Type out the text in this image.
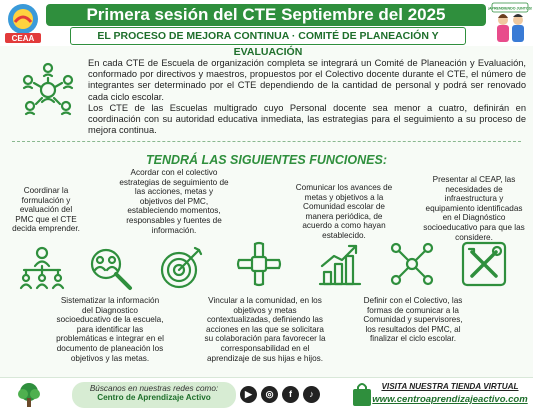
CEAA
Primera sesión del CTE Septiembre del 2025
EL PROCESO DE MEJORA CONTINUA · COMITÉ DE PLANEACIÓN Y EVALUACIÓN
¡APRENDIENDO JUNTOS!

En cada CTE de Escuela de organización completa se integrará un Comité de Planeación y Evaluación, conformado por directivos y maestros, propuestos por el Colectivo docente durante el CTE, el número de integrantes ser determinado por el CTE dependiendo de la cantidad de personal y podrá ser renovado cada ciclo escolar.

Los CTE de las Escuelas multigrado cuyo Personal docente sea menor a cuatro, definirán en coordinación con su autoridad educativa inmediata, las estrategias para el seguimiento a su proceso de mejora continua.

TENDRÁ LAS SIGUIENTES FUNCIONES:
Coordinar la formulación y evaluación del PMC que el CTE decida emprender.
Sistematizar la información del Diagnostico socioeducativo de la escuela, para identificar las problemáticas e integrar en el documento de planeación los objetivos y las metas.
Acordar con el colectivo estrategias de seguimiento de las acciones, metas y objetivos del PMC, estableciendo momentos, responsables y fuentes de información.
Vincular a la comunidad, en los objetivos y metas contextualizadas, definiendo las acciones en las que se solicitara su colaboración para favorecer la corresponsabilidad en el aprendizaje de sus hijas e hijos.
Comunicar los avances de metas y objetivos a la Comunidad escolar de manera periódica, de acuerdo a como hayan establecido.
Definir con el Colectivo, las formas de comunicar a la Comunidad y supervisores, los resultados del PMC, al finalizar el ciclo escolar.
Presentar al CEAP, las necesidades de infraestructura y equipamiento identificadas en el Diagnóstico socioeducativo para que las considere.
Búscanos en nuestras redes como:
Centro de Aprendizaje Activo	▶	◎	f	♪
VISITA NUESTRA TIENDA VIRTUAL
www.centroaprendizajeactivo.com
